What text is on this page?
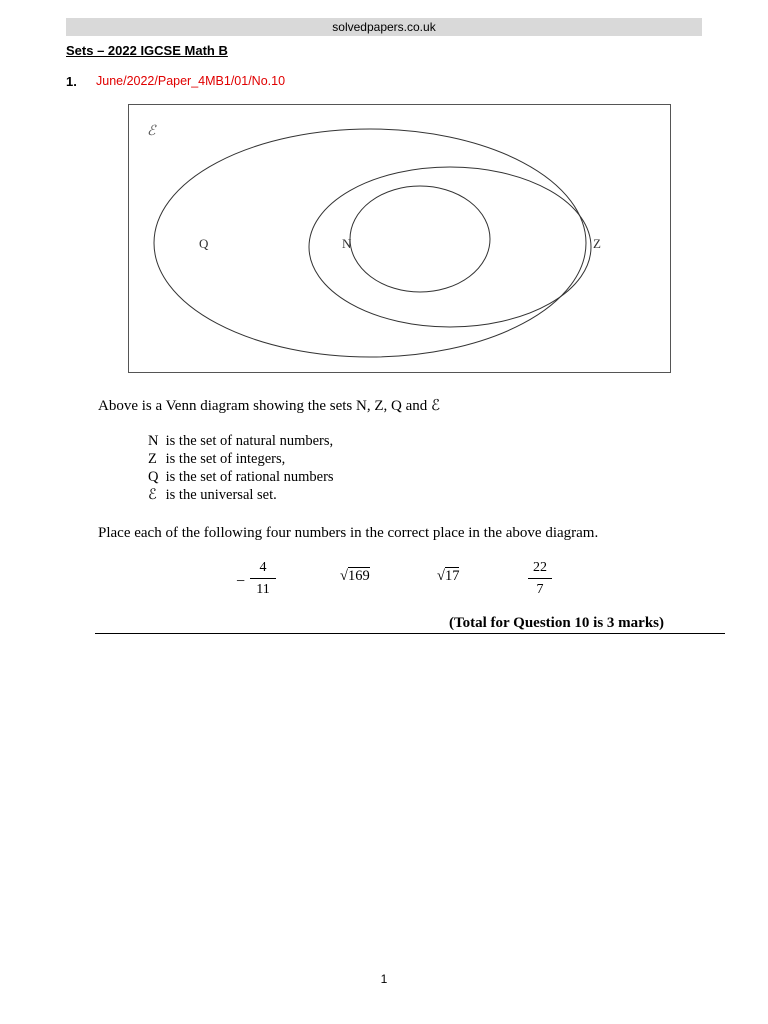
solvedpapers.co.uk
Sets – 2022 IGCSE Math B
1. June/2022/Paper_4MB1/01/No.10
ℰ
Q	N	Z
Above is a Venn diagram showing the sets N, Z, Q and ℰ
N is the set of natural numbers,
Z is the set of integers,
Q is the set of rational numbers
ℰ is the universal set.
Place each of the following four numbers in the correct place in the above diagram.
−
4
11
√169	√17
22
7
(Total for Question 10 is 3 marks)
1
